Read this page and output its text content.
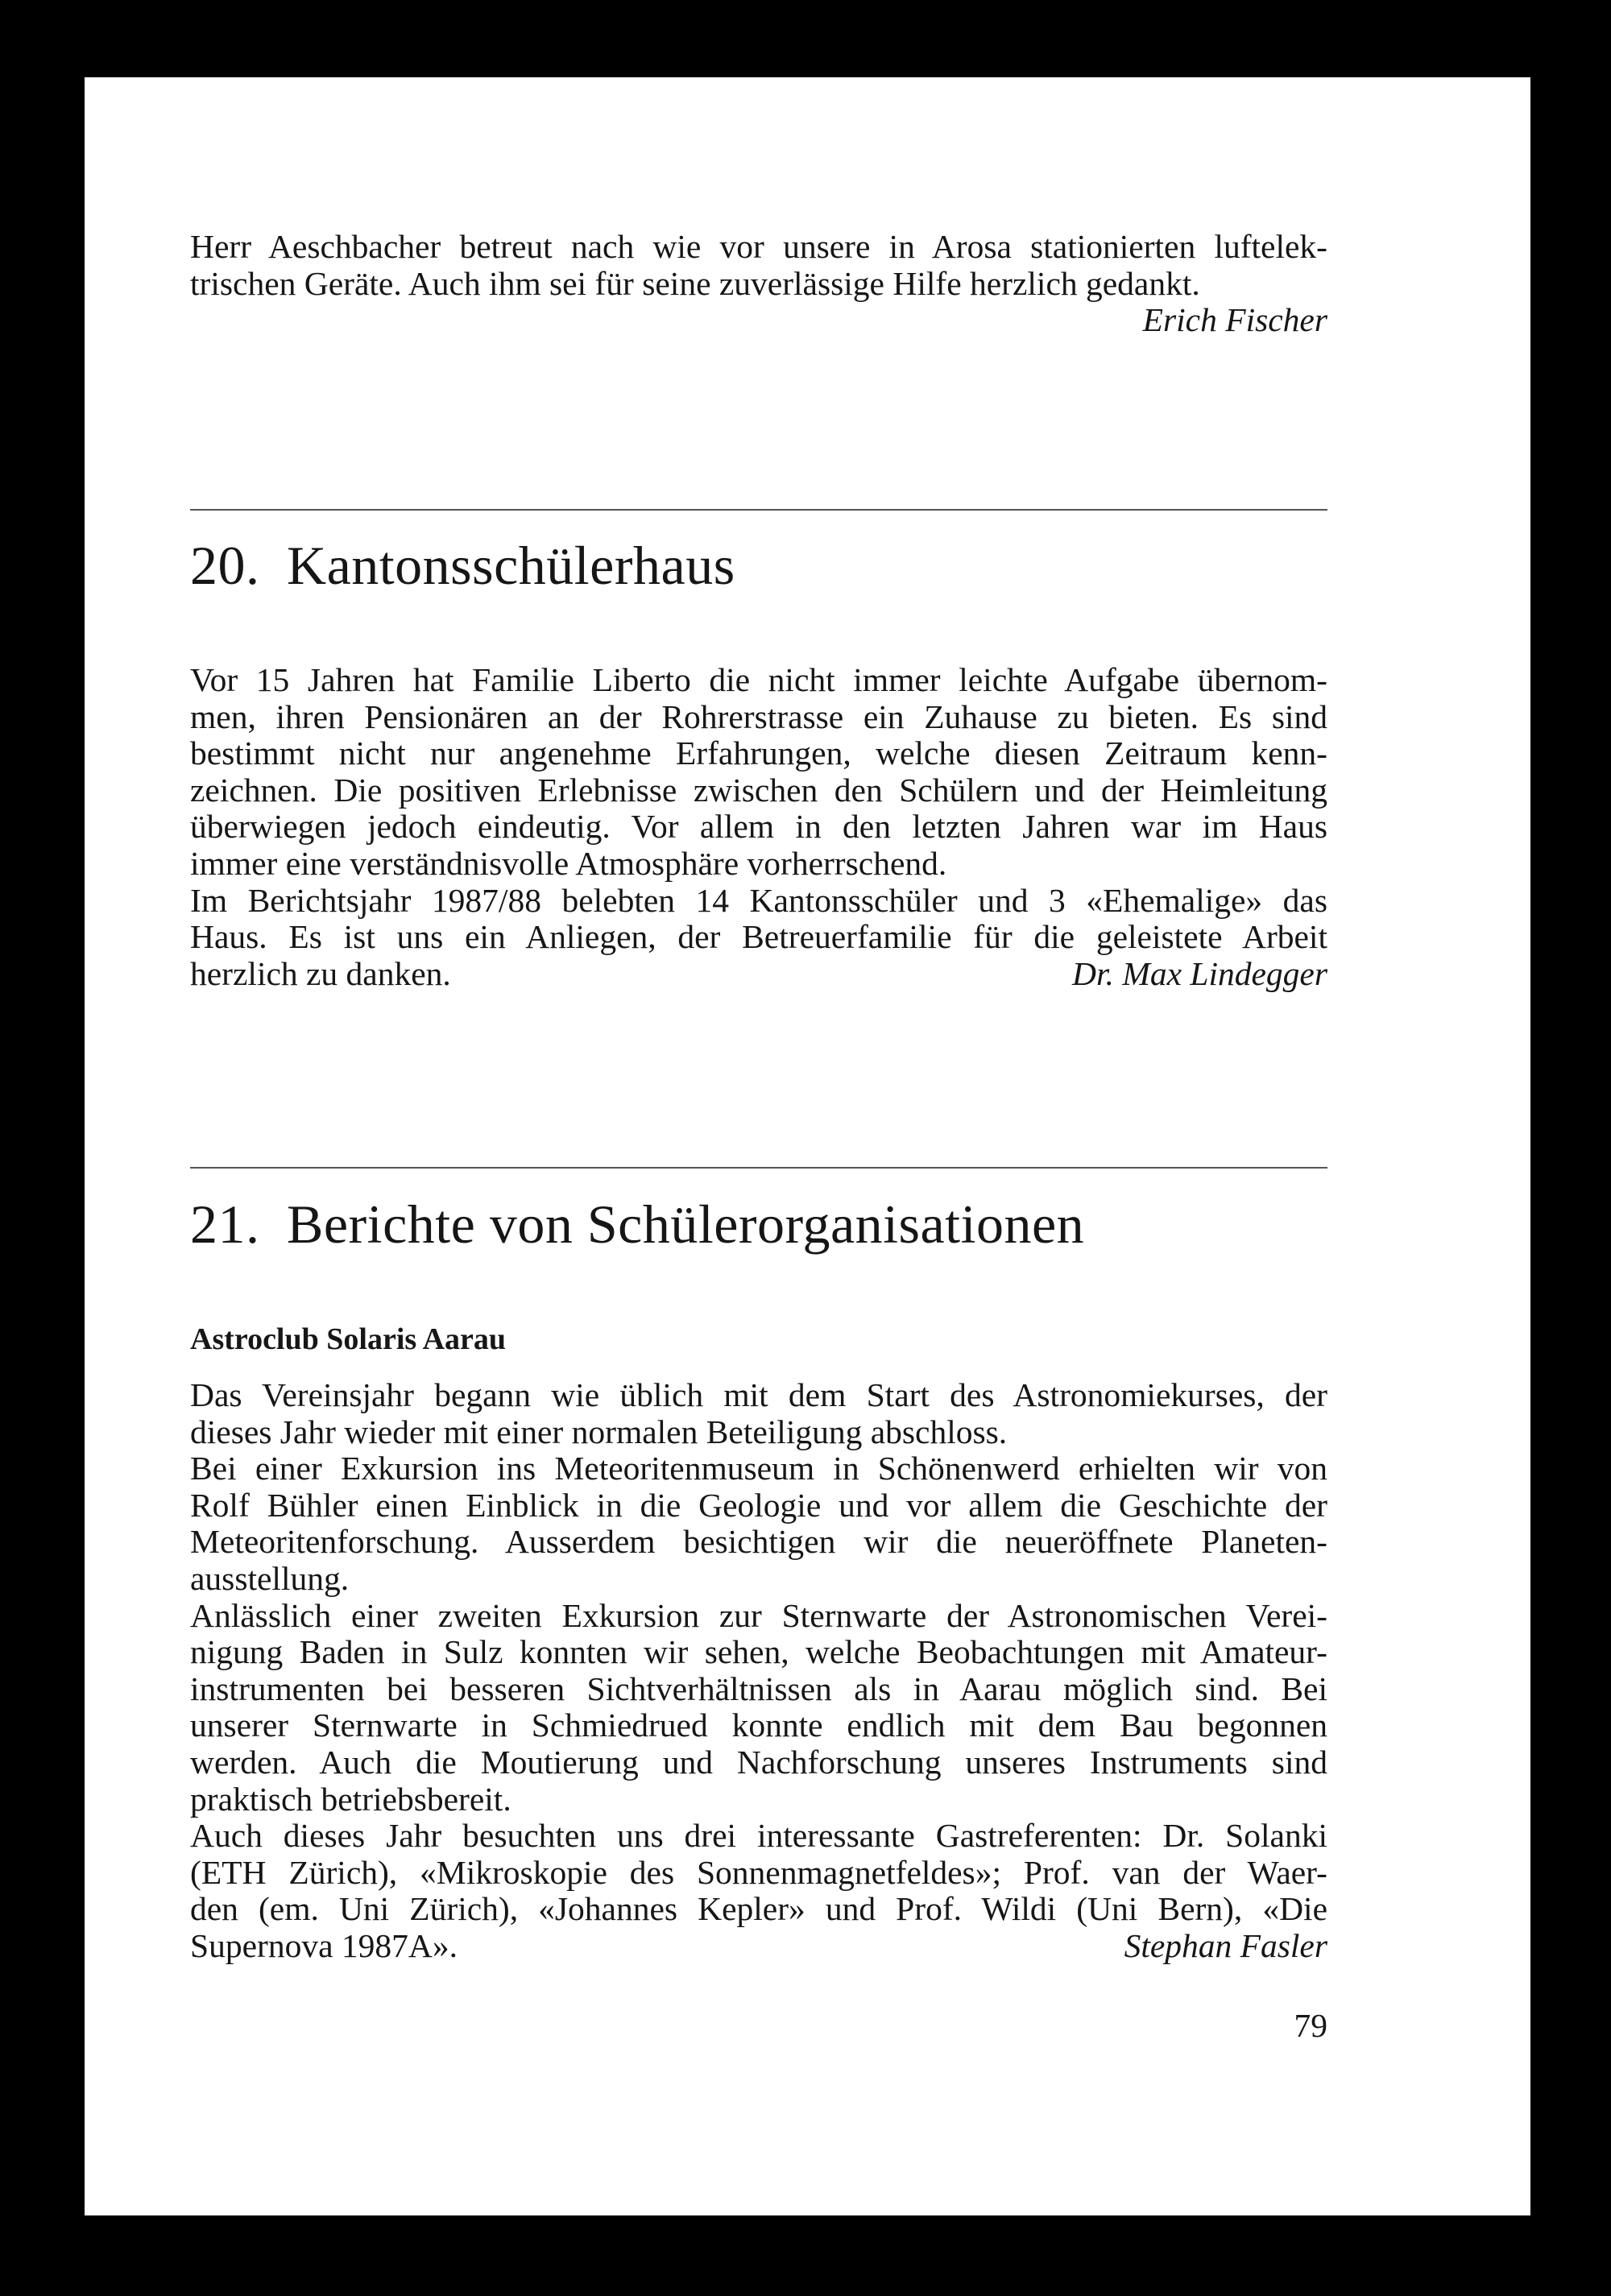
Herr Aeschbacher betreut nach wie vor unsere in Arosa stationierten luftelek-
trischen Geräte. Auch ihm sei für seine zuverlässige Hilfe herzlich gedankt.

Erich Fischer
20. Kantonsschülerhaus

Vor 15 Jahren hat Familie Liberto die nicht immer leichte Aufgabe übernom-
men, ihren Pensionären an der Rohrerstrasse ein Zuhause zu bieten. Es sind
bestimmt nicht nur angenehme Erfahrungen, welche diesen Zeitraum kenn-
zeichnen. Die positiven Erlebnisse zwischen den Schülern und der Heimleitung
überwiegen jedoch eindeutig. Vor allem in den letzten Jahren war im Haus
immer eine verständnisvolle Atmosphäre vorherrschend.
Im Berichtsjahr 1987/88 belebten 14 Kantonsschüler und 3 «Ehemalige» das
Haus. Es ist uns ein Anliegen, der Betreuerfamilie für die geleistete Arbeit

herzlich zu danken.	Dr. Max Lindegger
21. Berichte von Schülerorganisationen
Astroclub Solaris Aarau

Das Vereinsjahr begann wie üblich mit dem Start des Astronomiekurses, der
dieses Jahr wieder mit einer normalen Beteiligung abschloss.
Bei einer Exkursion ins Meteoritenmuseum in Schönenwerd erhielten wir von
Rolf Bühler einen Einblick in die Geologie und vor allem die Geschichte der
Meteoritenforschung. Ausserdem besichtigen wir die neueröffnete Planeten-
ausstellung.
Anlässlich einer zweiten Exkursion zur Sternwarte der Astronomischen Verei-
nigung Baden in Sulz konnten wir sehen, welche Beobachtungen mit Amateur-
instrumenten bei besseren Sichtverhältnissen als in Aarau möglich sind. Bei
unserer Sternwarte in Schmiedrued konnte endlich mit dem Bau begonnen
werden. Auch die Moutierung und Nachforschung unseres Instruments sind
praktisch betriebsbereit.
Auch dieses Jahr besuchten uns drei interessante Gastreferenten: Dr. Solanki
(ETH Zürich), «Mikroskopie des Sonnenmagnetfeldes»; Prof. van der Waer-
den (em. Uni Zürich), «Johannes Kepler» und Prof. Wildi (Uni Bern), «Die

Supernova 1987A».	Stephan Fasler
79
